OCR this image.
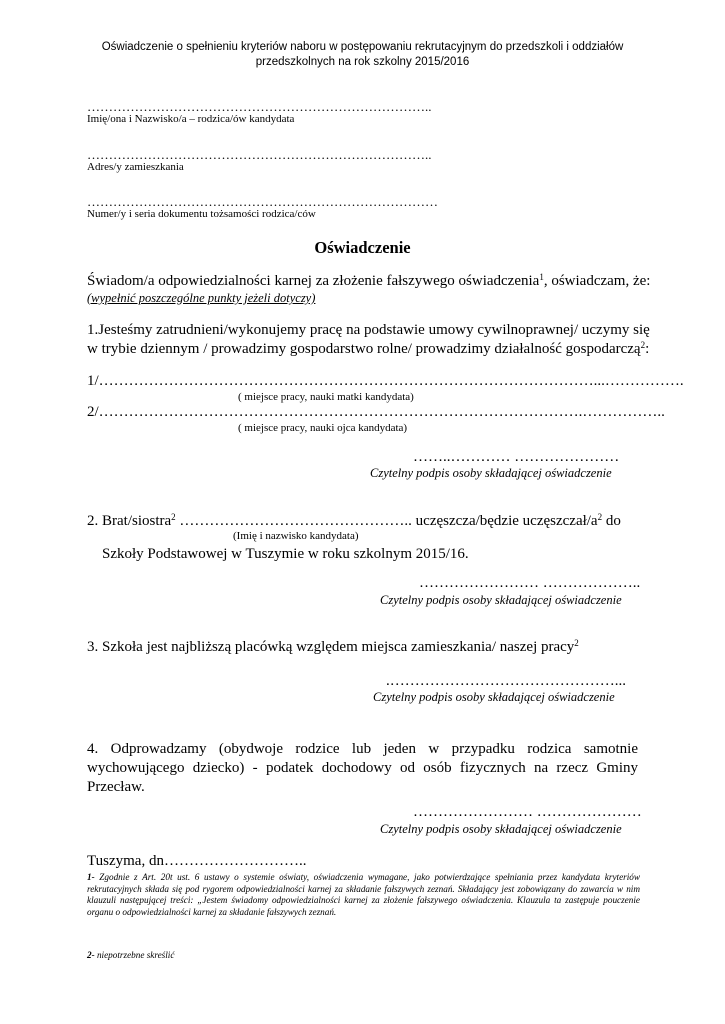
Oświadczenie o spełnieniu kryteriów naboru w postępowaniu rekrutacyjnym do przedszkoli i oddziałów
przedszkolnych na rok szkolny 2015/2016
……………………………………………………………………..
Imię/ona i Nazwisko/a – rodzica/ów kandydata
……………………………………………………………………..
Adres/y zamieszkania
………………………………………………………………………
Numer/y i seria dokumentu tożsamości rodzica/ców
Oświadczenie
Świadom/a odpowiedzialności karnej za złożenie fałszywego oświadczenia$^1$, oświadczam, że:
(wypełnić poszczególne punkty jeżeli dotyczy)
1.Jesteśmy zatrudnieni/wykonujemy pracę na podstawie umowy cywilnoprawnej/ uczymy się
w trybie dziennym / prowadzimy gospodarstwo rolne/ prowadzimy działalność gospodarczą$^2$:
1/………………………………………………………………………………………...…………….
( miejsce pracy, nauki matki kandydata)
2/…………………………………………………………………………………….……………..
( miejsce pracy, nauki ojca kandydata)
……..………… …………………
Czytelny podpis osoby składającej oświadczenie
2. Brat/siostra$^2$ ……………………………………….. uczęszcza/będzie uczęszczał/$a^2$ do
(Imię i nazwisko kandydata)
Szkoły Podstawowej w Tuszymie w roku szkolnym 2015/16.
…………………… ………………..
Czytelny podpis osoby składającej oświadczenie
3. Szkoła jest najbliższą placówką względem miejsca zamieszkania/ naszej pracy$^2$
.………………………………………...
Czytelny podpis osoby składającej oświadczenie
4. Odprowadzamy (obydwoje rodzice lub jeden w przypadku rodzica samotnie wychowującego dziecko) - podatek dochodowy od osób fizycznych na rzecz Gminy Przecław.
…………………… …………………
Czytelny podpis osoby składającej oświadczenie
Tuszyma, dn………………………..
1- Zgodnie z Art. 20t ust. 6 ustawy o systemie oświaty, oświadczenia wymagane, jako potwierdzające spełniania przez kandydata kryteriów rekrutacyjnych składa się pod rygorem odpowiedzialności karnej za składanie fałszywych zeznań. Składający jest zobowiązany do zawarcia w nim klauzuli następującej treści: „Jestem świadomy odpowiedzialności karnej za złożenie fałszywego oświadczenia. Klauzula ta zastępuje pouczenie organu o odpowiedzialności karnej za składanie fałszywych zeznań.
2- niepotrzebne skreślić
